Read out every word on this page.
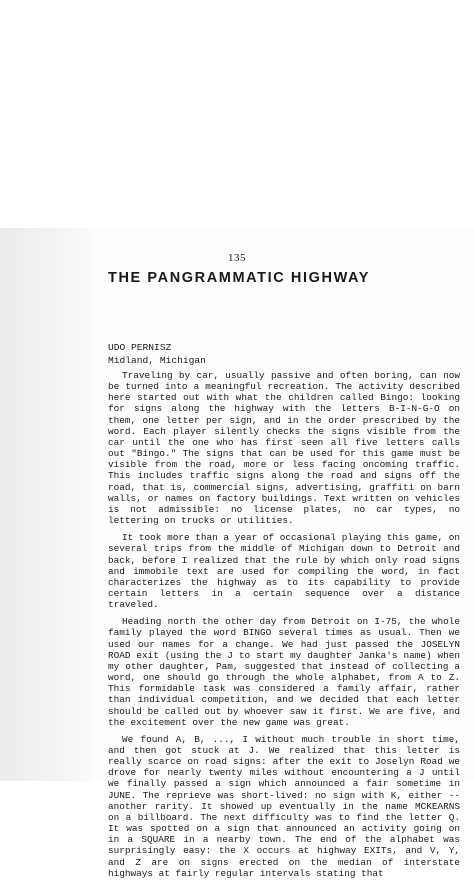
135
THE PANGRAMMATIC HIGHWAY
UDO PERNISZ
Midland, Michigan

Traveling by car, usually passive and often boring, can now be turned into a meaningful recreation. The activity described here started out with what the children called Bingo: looking for signs along the highway with the letters B-I-N-G-O on them, one letter per sign, and in the order prescribed by the word. Each player silently checks the signs visible from the car until the one who has first seen all five letters calls out "Bingo." The signs that can be used for this game must be visible from the road, more or less facing oncoming traffic. This includes traffic signs along the road and signs off the road, that is, commercial signs, advertising, graffiti on barn walls, or names on factory buildings. Text written on vehicles is not admissible: no license plates, no car types, no lettering on trucks or utilities.

It took more than a year of occasional playing this game, on several trips from the middle of Michigan down to Detroit and back, before I realized that the rule by which only road signs and immobile text are used for compiling the word, in fact characterizes the highway as to its capability to provide certain letters in a certain sequence over a distance traveled.

Heading north the other day from Detroit on I-75, the whole family played the word BINGO several times as usual. Then we used our names for a change. We had just passed the JOSELYN ROAD exit (using the J to start my daughter Janka's name) when my other daughter, Pam, suggested that instead of collecting a word, one should go through the whole alphabet, from A to Z. This formidable task was considered a family affair, rather than individual competition, and we decided that each letter should be called out by whoever saw it first. We are five, and the excitement over the new game was great.

We found A, B, ..., I without much trouble in short time, and then got stuck at J. We realized that this letter is really scarce on road signs: after the exit to Joselyn Road we drove for nearly twenty miles without encountering a J until we finally passed a sign which announced a fair sometime in JUNE. The reprieve was short-lived: no sign with K, either -- another rarity. It showed up eventually in the name MCKEARNS on a billboard. The next difficulty was to find the letter Q. It was spotted on a sign that announced an activity going on in a SQUARE in a nearby town. The end of the alphabet was surprisingly easy: the X occurs at highway EXITs, and V, Y, and Z are on signs erected on the median of interstate highways at fairly regular intervals stating that
